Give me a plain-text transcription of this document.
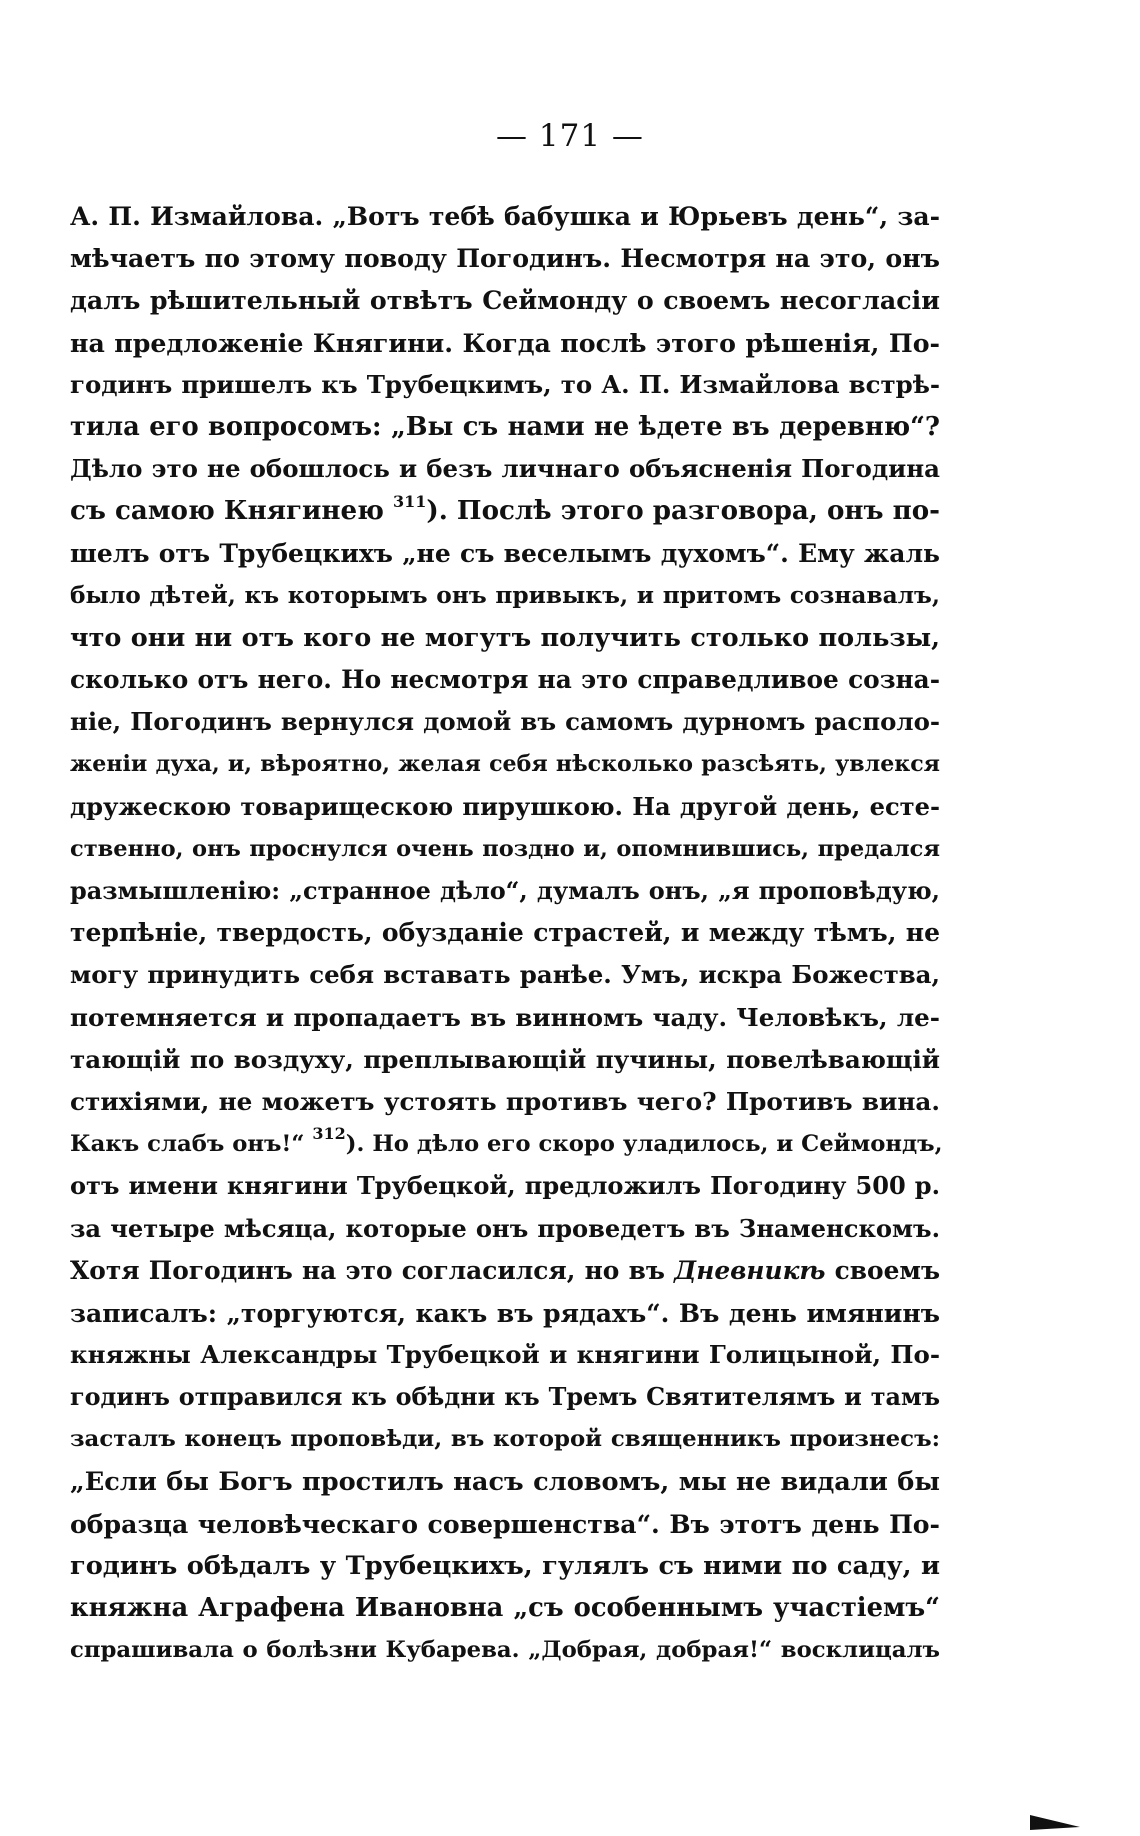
— 171 —
А. П. Измайлова. „Вотъ тебѣ бабушка и Юрьевъ день“, за-
мѣчаетъ по этому поводу Погодинъ. Несмотря на это, онъ
далъ рѣшительный отвѣтъ Сеймонду о своемъ несогласіи
на предложеніе Княгини. Когда послѣ этого рѣшенія, По-
годинъ пришелъ къ Трубецкимъ, то А. П. Измайлова встрѣ-
тила его вопросомъ: „Вы съ нами не ѣдете въ деревню“?
Дѣло это не обошлось и безъ личнаго объясненія Погодина
съ самою Княгинею $^{311}$). Послѣ этого разговора, онъ по-
шелъ отъ Трубецкихъ „не съ веселымъ духомъ“. Ему жаль
было дѣтей, къ которымъ онъ привыкъ, и притомъ сознавалъ,
что они ни отъ кого не могутъ получить столько пользы,
сколько отъ него. Но несмотря на это справедливое созна-
ніе, Погодинъ вернулся домой въ самомъ дурномъ располо-
женіи духа, и, вѣроятно, желая себя нѣсколько разсѣять, увлекся
дружескою товарищескою пирушкою. На другой день, есте-
ственно, онъ проснулся очень поздно и, опомнившись, предался
размышленію: „странное дѣло“, думалъ онъ, „я проповѣдую,
терпѣніе, твердость, обузданіе страстей, и между тѣмъ, не
могу принудить себя вставать ранѣе. Умъ, искра Божества,
потемняется и пропадаетъ въ винномъ чаду. Человѣкъ, ле-
тающій по воздуху, преплывающій пучины, повелѣвающій
стихіями, не можетъ устоять противъ чего? Противъ вина.
Какъ слабъ онъ!“ $^{312}$). Но дѣло его скоро уладилось, и Сеймондъ,
отъ имени княгини Трубецкой, предложилъ Погодину 500 р.
за четыре мѣсяца, которые онъ проведетъ въ Знаменскомъ.
Хотя Погодинъ на это согласился, но въ Дневникѣ своемъ
записалъ: „торгуются, какъ въ рядахъ“. Въ день имянинъ
княжны Александры Трубецкой и княгини Голицыной, По-
годинъ отправился къ обѣдни къ Тремъ Святителямъ и тамъ
засталъ конецъ проповѣди, въ которой священникъ произнесъ:
„Если бы Богъ простилъ насъ словомъ, мы не видали бы
образца человѣческаго совершенства“. Въ этотъ день По-
годинъ обѣдалъ у Трубецкихъ, гулялъ съ ними по саду, и
княжна Аграфена Ивановна „съ особеннымъ участіемъ“
спрашивала о болѣзни Кубарева. „Добрая, добрая!“ восклицалъ
